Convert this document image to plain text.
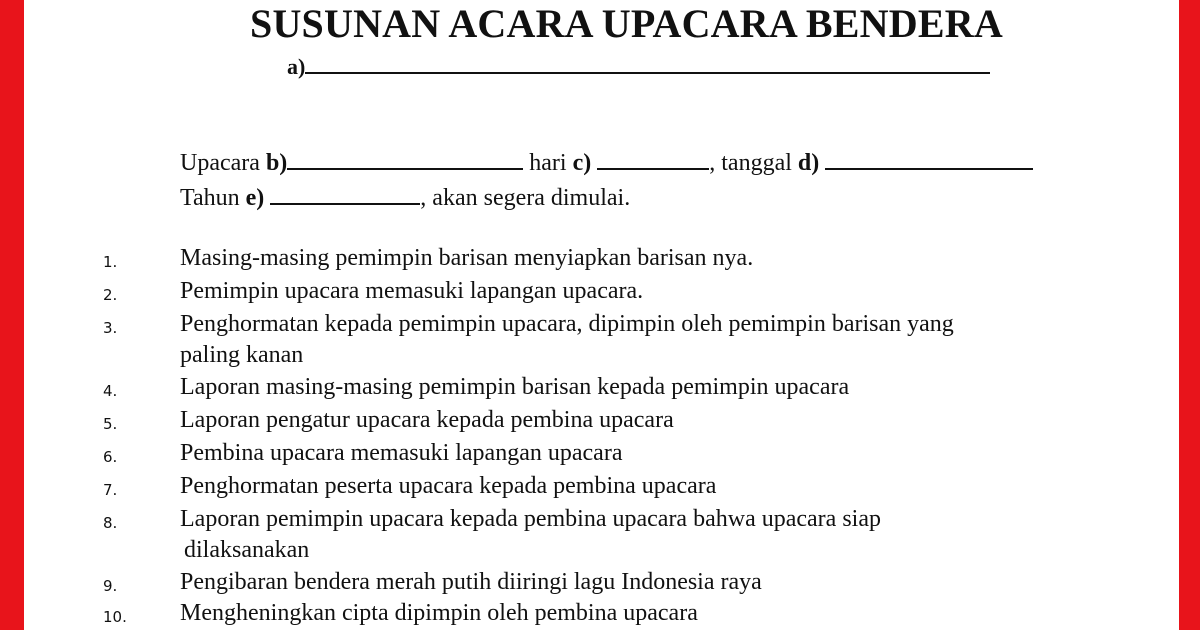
SUSUNAN ACARA UPACARA BENDERA
a)
Upacara
b)
	hari
c)
	, tanggal
d)

Tahun
e)
	, akan segera dimulai.
1.	Masing-masing pemimpin barisan menyiapkan barisan nya.
2.	Pemimpin upacara memasuki lapangan upacara.
3.	Penghormatan kepada pemimpin upacara, dipimpin oleh pemimpin barisan yang
paling kanan
4.	Laporan masing-masing pemimpin barisan kepada pemimpin upacara
5.	Laporan pengatur upacara kepada pembina upacara
6.	Pembina upacara memasuki lapangan upacara
7.	Penghormatan peserta upacara kepada pembina upacara
8.	Laporan pemimpin upacara kepada pembina upacara bahwa upacara siap
dilaksanakan
9.	Pengibaran bendera merah putih diiringi lagu Indonesia raya
10. Mengheningkan cipta dipimpin oleh pembina upacara
